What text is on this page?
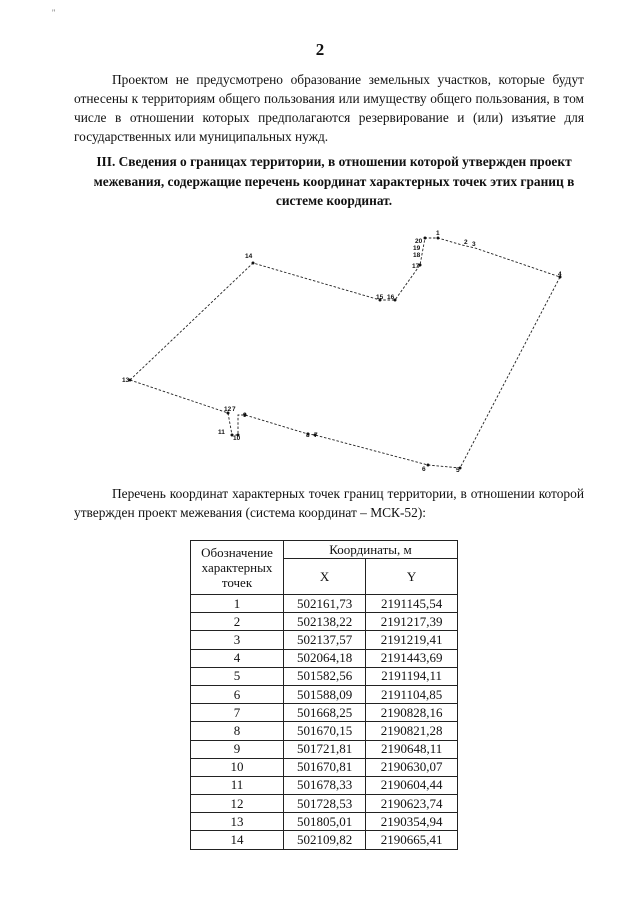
''
2
Проектом не предусмотрено образование земельных участков, которые будут отнесены к территориям общего пользования или имуществу общего пользования, в том числе в отношении которых предполагаются резервирование и (или) изъятие для государственных или муниципальных нужд.
III. Сведения о границах территории, в отношении которой утвержден проект межевания, содержащие перечень координат характерных точек этих границ в системе координат.
20
1
19
18
17
2 3
4
14
15 16
13
12 7
9
11
10	8 7
6	5
Перечень координат характерных точек границ территории, в отношении которой утвержден проект межевания (система координат – МСК-52):
Обозначение характерных точек	Координаты, м	
	X	Y
1	502161,73	2191145,54
2	502138,22	2191217,39
3	502137,57	2191219,41
4	502064,18	2191443,69
5	501582,56	2191194,11
6	501588,09	2191104,85
7	501668,25	2190828,16
8	501670,15	2190821,28
9	501721,81	2190648,11
10	501670,81	2190630,07
11	501678,33	2190604,44
12	501728,53	2190623,74
13	501805,01	2190354,94
14	502109,82	2190665,41
